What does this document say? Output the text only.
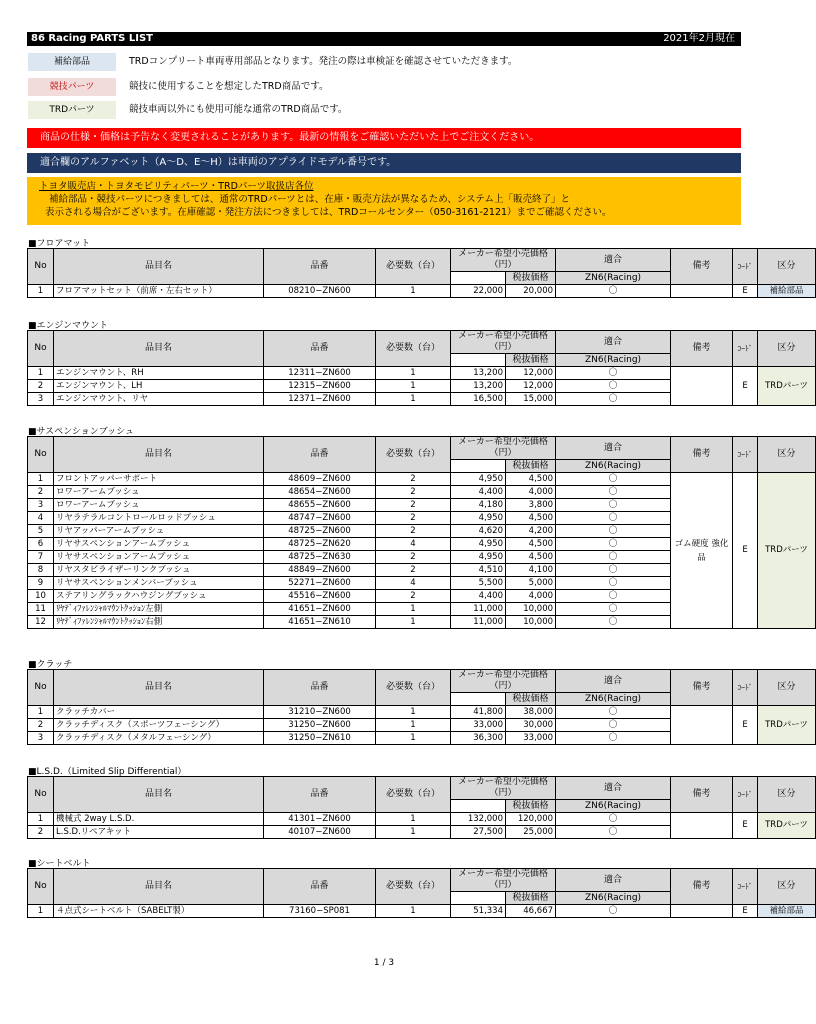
86 Racing PARTS LIST	2021年2月現在
補給部品	TRDコンプリート車両専用部品となります。発注の際は車検証を確認させていただきます。
競技パーツ	競技に使用することを想定したTRD商品です。
TRDパーツ	競技車両以外にも使用可能な通常のTRD商品です。
商品の仕様・価格は予告なく変更されることがあります。最新の情報をご確認いただいた上でご注文ください。
適合欄のアルファベット（A～D、E～H）は車両のアプライドモデル番号です。
トヨタ販売店・トヨタモビリティパーツ・TRDパーツ取扱店各位
補給部品・競技パーツにつきましては、通常のTRDパーツとは、在庫・販売方法が異なるため、システム上「販売終了」と
表示される場合がございます。在庫確認・発注方法につきましては、TRDコールセンター（050-3161-2121）までご確認ください。
■フロアマット
No	品目名	品番	必要数（台）	メーカー希望小売価格（円）		適合	備考	ｺｰﾄﾞ	区分
					税抜価格	ZN6(Racing)			
1	フロアマットセット（前席・左右セット）	08210−ZN600	1	22,000	20,000	〇		E	補給部品
■エンジンマウント
No	品目名	品番	必要数（台）	メーカー希望小売価格（円）		適合	備考	ｺｰﾄﾞ	区分
					税抜価格	ZN6(Racing)			
1	エンジンマウント、RH	12311−ZN600	1	13,200	12,000	〇		E	TRDパーツ
2	エンジンマウント、LH	12315−ZN600	1	13,200	12,000	〇			
3	エンジンマウント、リヤ	12371−ZN600	1	16,500	15,000	〇			
■サスペンションブッシュ
No	品目名	品番	必要数（台）	メーカー希望小売価格（円）		適合	備考	ｺｰﾄﾞ	区分
					税抜価格	ZN6(Racing)			
1	フロントアッパーサポート	48609−ZN600	2	4,950	4,500	〇	ゴム硬度 強化品	E	TRDパーツ
2	ロワーアームブッシュ	48654−ZN600	2	4,400	4,000	〇			
3	ロワーアームブッシュ	48655−ZN600	2	4,180	3,800	〇			
4	リヤラテラルコントロールロッドブッシュ	48747−ZN600	2	4,950	4,500	〇			
5	リヤアッパーアームブッシュ	48725−ZN600	2	4,620	4,200	〇			
6	リヤサスペンションアームブッシュ	48725−ZN620	4	4,950	4,500	〇			
7	リヤサスペンションアームブッシュ	48725−ZN630	2	4,950	4,500	〇			
8	リヤスタビライザーリンクブッシュ	48849−ZN600	2	4,510	4,100	〇			
9	リヤサスペンションメンバーブッシュ	52271−ZN600	4	5,500	5,000	〇			
10	ステアリングラックハウジングブッシュ	45516−ZN600	2	4,400	4,000	〇			
11	ﾘﾔﾃﾞｨﾌｧﾚﾝｼｬﾙﾏｳﾝﾄｸｯｼｮﾝ左側	41651−ZN600	1	11,000	10,000	〇			
12	ﾘﾔﾃﾞｨﾌｧﾚﾝｼｬﾙﾏｳﾝﾄｸｯｼｮﾝ右側	41651−ZN610	1	11,000	10,000	〇			
■クラッチ
No	品目名	品番	必要数（台）	メーカー希望小売価格（円）		適合	備考	ｺｰﾄﾞ	区分
					税抜価格	ZN6(Racing)			
1	クラッチカバー	31210−ZN600	1	41,800	38,000	〇		E	TRDパーツ
2	クラッチディスク（スポーツフェーシング）	31250−ZN600	1	33,000	30,000	〇			
3	クラッチディスク（メタルフェーシング）	31250−ZN610	1	36,300	33,000	〇			
■L.S.D.（Limited Slip Differential）
No	品目名	品番	必要数（台）	メーカー希望小売価格（円）		適合	備考	ｺｰﾄﾞ	区分
					税抜価格	ZN6(Racing)			
1	機械式 2way L.S.D.	41301−ZN600	1	132,000	120,000	〇		E	TRDパーツ
2	L.S.D.リペアキット	40107−ZN600	1	27,500	25,000	〇			
■シートベルト
No	品目名	品番	必要数（台）	メーカー希望小売価格（円）		適合	備考	ｺｰﾄﾞ	区分
					税抜価格	ZN6(Racing)			
1	４点式シートベルト（SABELT製）	73160−SP081	1	51,334	46,667	〇		E	補給部品
1 / 3
